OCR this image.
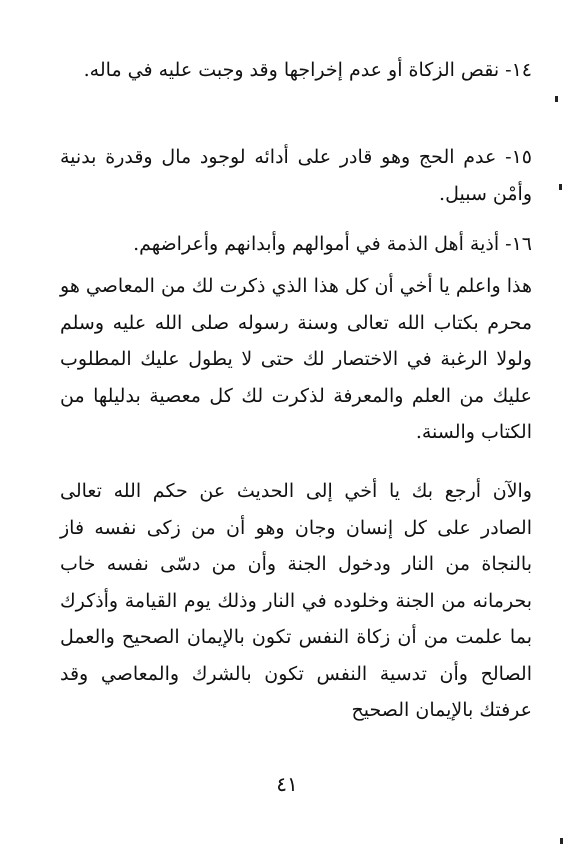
١٤- نقص الزكاة أو عدم إخراجها وقد وجبت عليه في ماله.
١٥- عدم الحج وهو قادر على أدائه لوجود مال وقدرة بدنية وأمْن سبيل.
١٦- أذية أهل الذمة في أموالهم وأبدانهم وأعراضهم.
هذا واعلم يا أخي أن كل هذا الذي ذكرت لك من المعاصي هو محرم بكتاب الله تعالى وسنة رسوله صلى الله عليه وسلم ولولا الرغبة في الاختصار لك حتى لا يطول عليك المطلوب عليك من العلم والمعرفة لذكرت لك كل معصية بدليلها من الكتاب والسنة.
والآن أرجع بك يا أخي إلى الحديث عن حكم الله تعالى الصادر على كل إنسان وجان وهو أن من زكى نفسه فاز بالنجاة من النار ودخول الجنة وأن من دسّى نفسه خاب بحرمانه من الجنة وخلوده في النار وذلك يوم القيامة وأذكرك بما علمت من أن زكاة النفس تكون بالإيمان الصحيح والعمل الصالح وأن تدسية النفس تكون بالشرك والمعاصي وقد عرفتك بالإيمان الصحيح
٤١
